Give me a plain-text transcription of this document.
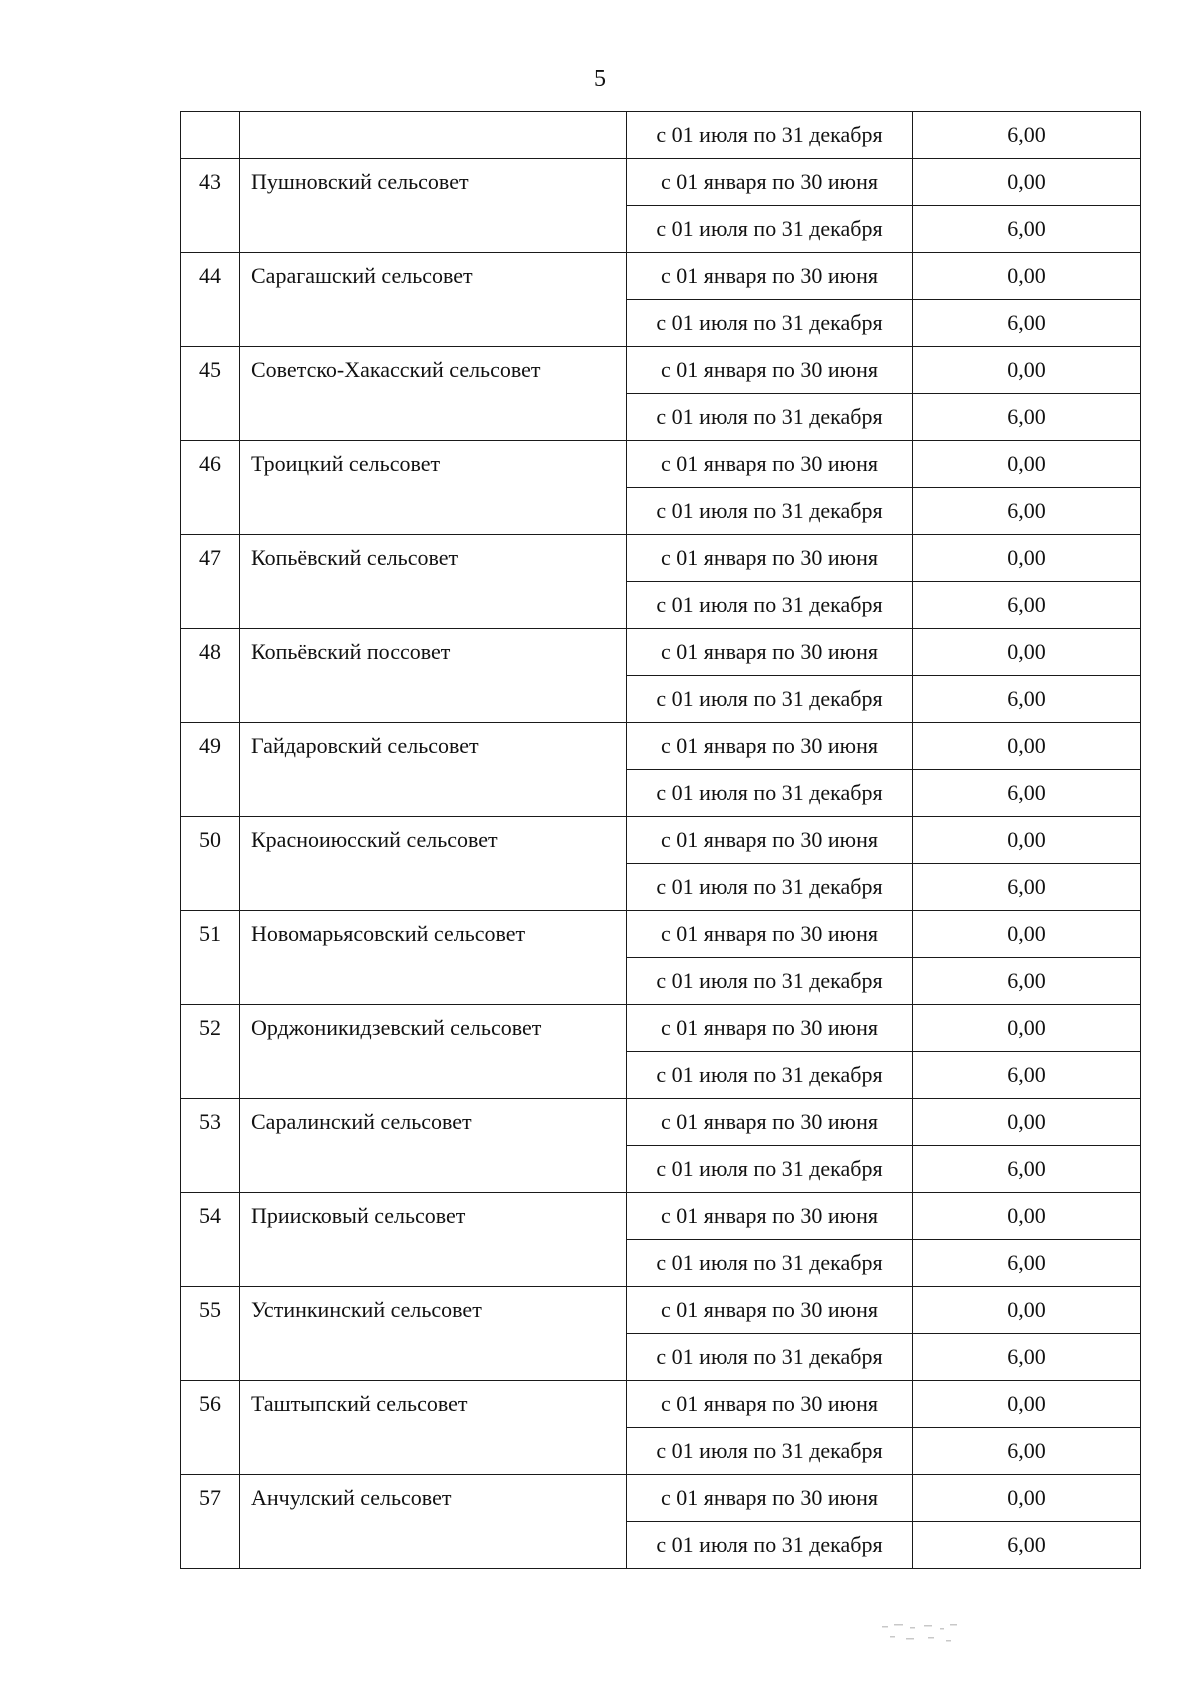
5
		с 01 июля по 31 декабря	6,00
43	Пушновский сельсовет	с 01 января по 30 июня	0,00
		с 01 июля по 31 декабря	6,00
44	Сарагашский сельсовет	с 01 января по 30 июня	0,00
		с 01 июля по 31 декабря	6,00
45	Советско-Хакасский сельсовет	с 01 января по 30 июня	0,00
		с 01 июля по 31 декабря	6,00
46	Троицкий сельсовет	с 01 января по 30 июня	0,00
		с 01 июля по 31 декабря	6,00
47	Копьёвский сельсовет	с 01 января по 30 июня	0,00
		с 01 июля по 31 декабря	6,00
48	Копьёвский поссовет	с 01 января по 30 июня	0,00
		с 01 июля по 31 декабря	6,00
49	Гайдаровский сельсовет	с 01 января по 30 июня	0,00
		с 01 июля по 31 декабря	6,00
50	Красноиюсский сельсовет	с 01 января по 30 июня	0,00
		с 01 июля по 31 декабря	6,00
51	Новомарьясовский сельсовет	с 01 января по 30 июня	0,00
		с 01 июля по 31 декабря	6,00
52	Орджоникидзевский сельсовет	с 01 января по 30 июня	0,00
		с 01 июля по 31 декабря	6,00
53	Саралинский сельсовет	с 01 января по 30 июня	0,00
		с 01 июля по 31 декабря	6,00
54	Приисковый сельсовет	с 01 января по 30 июня	0,00
		с 01 июля по 31 декабря	6,00
55	Устинкинский сельсовет	с 01 января по 30 июня	0,00
		с 01 июля по 31 декабря	6,00
56	Таштыпский сельсовет	с 01 января по 30 июня	0,00
		с 01 июля по 31 декабря	6,00
57	Анчулский сельсовет	с 01 января по 30 июня	0,00
		с 01 июля по 31 декабря	6,00
